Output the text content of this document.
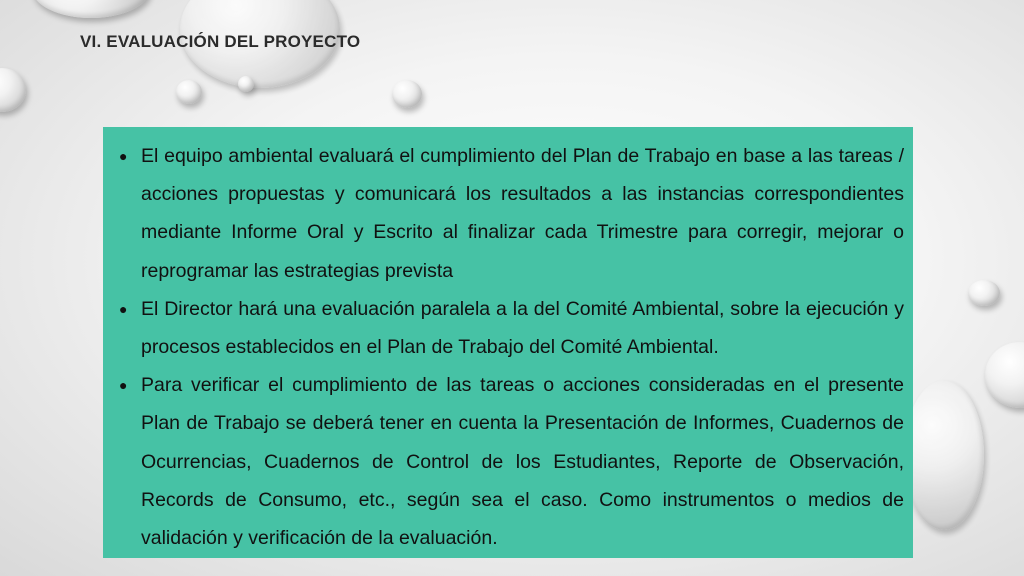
VI. EVALUACIÓN DEL PROYECTO
● El equipo ambiental evaluará el cumplimiento del Plan de Trabajo en base a las tareas / acciones propuestas y comunicará los resultados a las instancias correspondientes mediante Informe Oral y Escrito al finalizar cada Trimestre para corregir, mejorar o reprogramar las estrategias prevista
● El Director hará una evaluación paralela a la del Comité Ambiental, sobre la ejecución y procesos establecidos en el Plan de Trabajo del Comité Ambiental.
● Para verificar el cumplimiento de las tareas o acciones consideradas en el presente Plan de Trabajo se deberá tener en cuenta la Presentación de Informes, Cuadernos de Ocurrencias, Cuadernos de Control de los Estudiantes, Reporte de Observación, Records de Consumo, etc., según sea el caso. Como instrumentos o medios de validación y verificación de la evaluación.
